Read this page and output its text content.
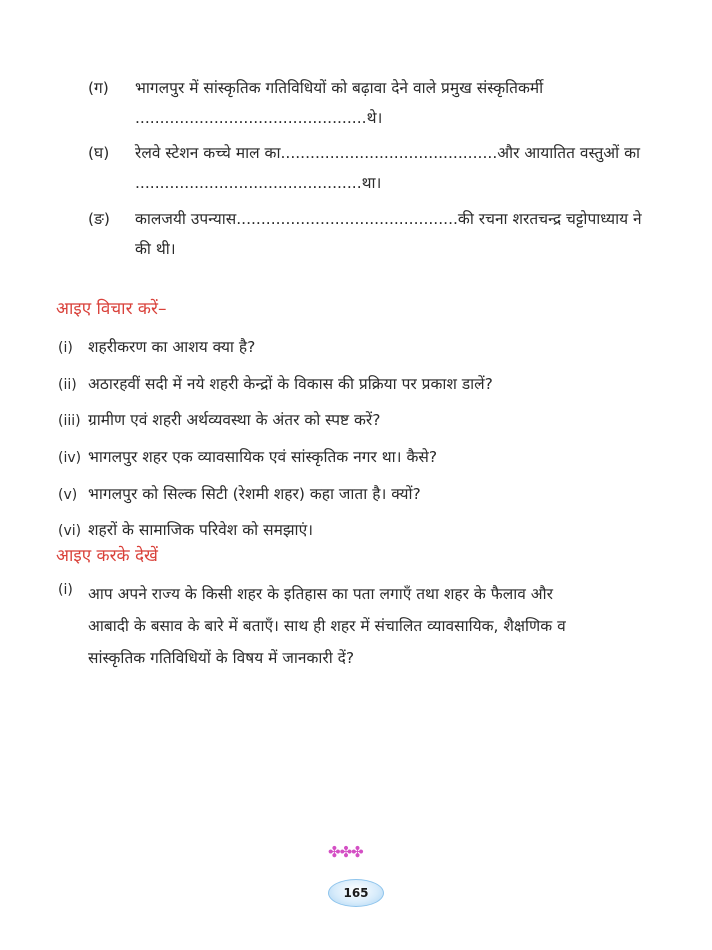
(ग)	भागलपुर में सांस्कृतिक गतिविधियों को बढ़ावा देने वाले प्रमुख संस्कृतिकर्मी
...............................................थे।
(घ)	रेलवे स्टेशन कच्चे माल का............................................और आयातित वस्तुओं का
..............................................था।
(ङ)	कालजयी उपन्यास.............................................की रचना शरतचन्द्र चट्टोपाध्याय ने
की थी।
आइए विचार करें–
(i) शहरीकरण का आशय क्या है?
(ii) अठारहवीं सदी में नये शहरी केन्द्रों के विकास की प्रक्रिया पर प्रकाश डालें?
(iii) ग्रामीण एवं शहरी अर्थव्यवस्था के अंतर को स्पष्ट करें?
(iv) भागलपुर शहर एक व्यावसायिक एवं सांस्कृतिक नगर था। कैसे?
(v) भागलपुर को सिल्क सिटी (रेशमी शहर) कहा जाता है। क्यों?
(vi) शहरों के सामाजिक परिवेश को समझाएं।
आइए करके देखें
(i) आप अपने राज्य के किसी शहर के इतिहास का पता लगाएँ तथा शहर के फैलाव और
आबादी के बसाव के बारे में बताएँ। साथ ही शहर में संचालित व्यावसायिक, शैक्षणिक व
सांस्कृतिक गतिविधियों के विषय में जानकारी दें?
✤✤✤
165
